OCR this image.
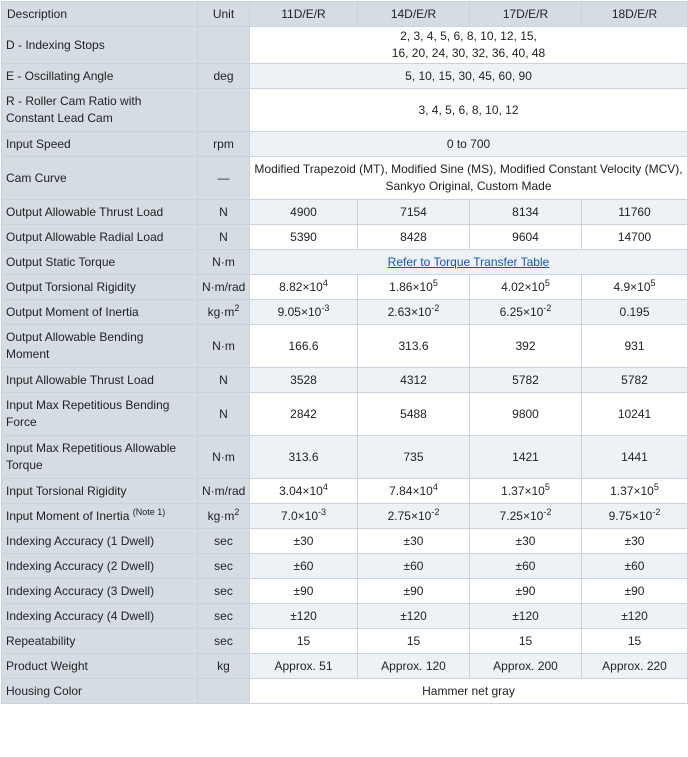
Description	Unit	11D/E/R	14D/E/R	17D/E/R	18D/E/R
D - Indexing Stops		2, 3, 4, 5, 6, 8, 10, 12, 15,
16, 20, 24, 30, 32, 36, 40, 48			
E - Oscillating Angle	deg	5, 10, 15, 30, 45, 60, 90			
R - Roller Cam Ratio with
Constant Lead Cam		3, 4, 5, 6, 8, 10, 12			
Input Speed	rpm	0 to 700			
Cam Curve	—	Modified Trapezoid (MT), Modified Sine (MS), Modified Constant Velocity (MCV),
Sankyo Original, Custom Made			
Output Allowable Thrust Load	N	4900	7154	8134	11760
Output Allowable Radial Load	N	5390	8428	9604	14700
Output Static Torque	N·m	Refer to Torque Transfer Table			
Output Torsional Rigidity	N·m/rad	$8.82\times 10^4$	$1.86\times 10^5$	$4.02\times 10^5$	$4.9\times 10^5$
Output Moment of Inertia	$kg\cdot m^2$	$9.05\times 10^{-3}$	$2.63\times 10^{-2}$	$6.25\times 10^{-2}$	0.195
Output Allowable Bending
Moment	N·m	166.6	313.6	392	931
Input Allowable Thrust Load	N	3528	4312	5782	5782
Input Max Repetitious Bending
Force	N	2842	5488	9800	10241
Input Max Repetitious Allowable
Torque	N·m	313.6	735	1421	1441
Input Torsional Rigidity	N·m/rad	$3.04\times 10^4$	$7.84\times 10^4$	$1.37\times 10^5$	$1.37\times 10^5$
Input Moment of Inertia $^{(Note 1)}$	$kg\cdot m^2$	$7.0\times 10^{-3}$	$2.75\times 10^{-2}$	$7.25\times 10^{-2}$	$9.75\times 10^{-2}$
Indexing Accuracy (1 Dwell)	sec	±30	±30	±30	±30
Indexing Accuracy (2 Dwell)	sec	±60	±60	±60	±60
Indexing Accuracy (3 Dwell)	sec	±90	±90	±90	±90
Indexing Accuracy (4 Dwell)	sec	±120	±120	±120	±120
Repeatability	sec	15	15	15	15
Product Weight	kg	Approx. 51	Approx. 120	Approx. 200	Approx. 220
Housing Color		Hammer net gray			
